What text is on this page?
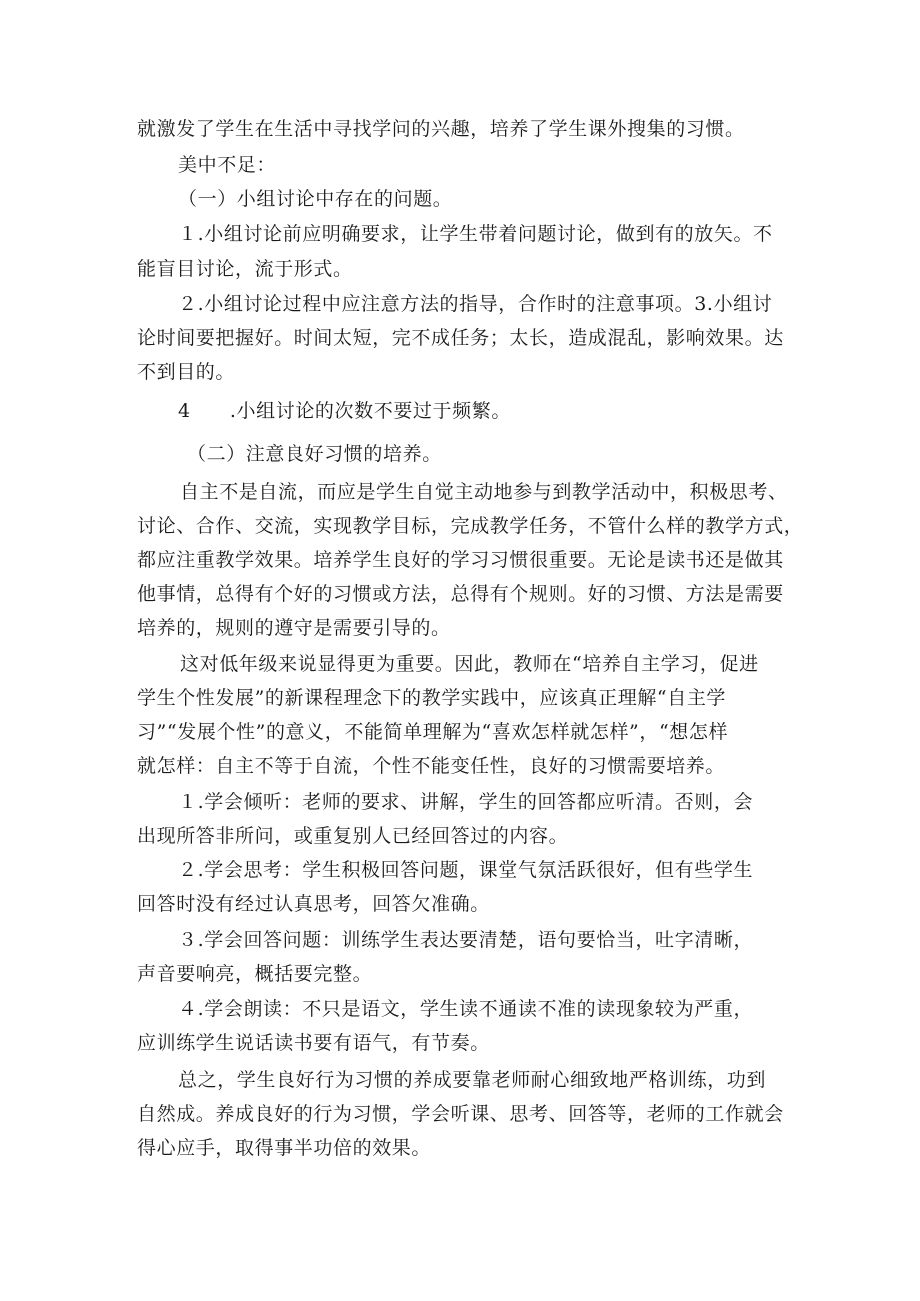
就激发了学生在生活中寻找学问的兴趣，培养了学生课外搜集的习惯。
美中不足：
（一）小组讨论中存在的问题。
１.小组讨论前应明确要求，让学生带着问题讨论，做到有的放矢。不
能盲目讨论，流于形式。
２.小组讨论过程中应注意方法的指导，合作时的注意事项。3.小组讨
论时间要把握好。时间太短，完不成任务；太长，造成混乱，影响效果。达
不到目的。
4　　.小组讨论的次数不要过于频繁。
（二）注意良好习惯的培养。
自主不是自流，而应是学生自觉主动地参与到教学活动中，积极思考、
讨论、合作、交流，实现教学目标，完成教学任务，不管什么样的教学方式，
都应注重教学效果。培养学生良好的学习习惯很重要。无论是读书还是做其
他事情，总得有个好的习惯或方法，总得有个规则。好的习惯、方法是需要
培养的，规则的遵守是需要引导的。
这对低年级来说显得更为重要。因此，教师在“培养自主学习，促进
学生个性发展”的新课程理念下的教学实践中，应该真正理解“自主学
习”“发展个性”的意义，不能简单理解为“喜欢怎样就怎样”，“想怎样
就怎样：自主不等于自流，个性不能变任性，良好的习惯需要培养。
１.学会倾听：老师的要求、讲解，学生的回答都应听清。否则，会
出现所答非所问，或重复别人已经回答过的内容。
２.学会思考：学生积极回答问题，课堂气氛活跃很好，但有些学生
回答时没有经过认真思考，回答欠准确。
３.学会回答问题：训练学生表达要清楚，语句要恰当，吐字清晰，
声音要响亮，概括要完整。
４.学会朗读：不只是语文，学生读不通读不准的读现象较为严重，
应训练学生说话读书要有语气，有节奏。
总之，学生良好行为习惯的养成要靠老师耐心细致地严格训练，功到
自然成。养成良好的行为习惯，学会听课、思考、回答等，老师的工作就会
得心应手，取得事半功倍的效果。
